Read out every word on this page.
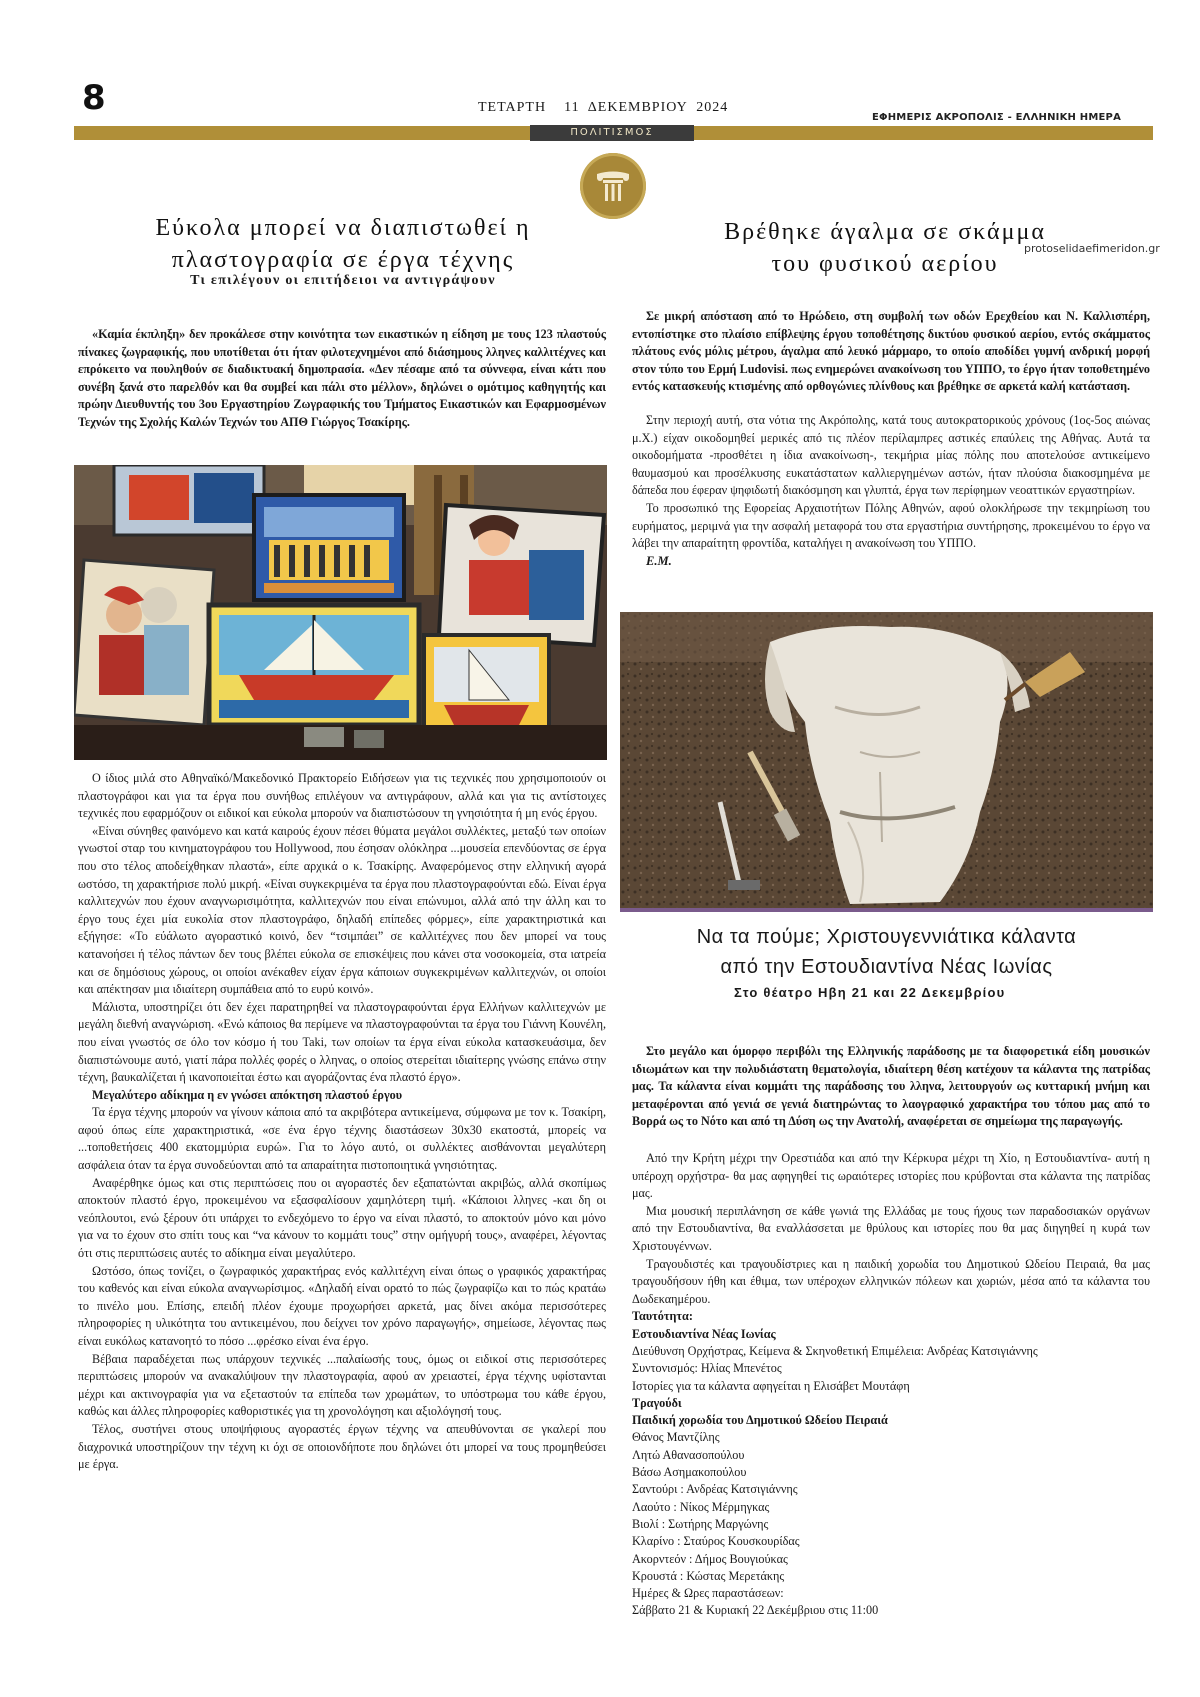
8	ΤΕΤΑΡΤΗ    11  ΔΕΚΕΜΒΡΙΟΥ  2024
ΕΦΗΜΕΡΙΣ ΑΚΡΟΠΟΛΙΣ - ΕΛΛΗΝΙΚΗ ΗΜΕΡΑ
ΠΟΛΙΤΙΣΜΟΣ
protoselidaefimeridon.gr
Εύκολα μπορεί να διαπιστωθεί η
πλαστογραφία σε έργα τέχνης
Τι επιλέγουν οι επιτήδειοι να αντιγράψουν

«Καμία έκπληξη» δεν προκάλεσε στην κοινότητα των εικαστικών η είδηση με τους 123 πλαστούς πίνακες ζωγραφικής, που υποτίθεται ότι ήταν φιλοτεχνημένοι από διάσημους λληνες καλλιτέχνες και επρόκειτο να πουληθούν σε διαδικτυακή δημοπρασία. «Δεν πέσαμε από τα σύννεφα, είναι κάτι που συνέβη ξανά στο παρελθόν και θα συμβεί και πάλι στο μέλλον», δηλώνει ο ομότιμος καθηγητής και πρώην Διευθυντής του 3ου Εργαστηρίου Ζωγραφικής του Τμήματος Εικαστικών και Εφαρμοσμένων Τεχνών της Σχολής Καλών Τεχνών του ΑΠΘ Γιώργος Τσακίρης.

Ο ίδιος μιλά στο Αθηναϊκό/Μακεδονικό Πρακτορείο Ειδήσεων για τις τεχνικές που χρησιμοποιούν οι πλαστογράφοι και για τα έργα που συνήθως επιλέγουν να αντιγράφουν, αλλά και για τις αντίστοιχες τεχνικές που εφαρμόζουν οι ειδικοί και εύκολα μπορούν να διαπιστώσουν τη γνησιότητα ή μη ενός έργου.

«Είναι σύνηθες φαινόμενο και κατά καιρούς έχουν πέσει θύματα μεγάλοι συλλέκτες, μεταξύ των οποίων γνωστοί σταρ του κινηματογράφου του Hollywood, που έσησαν ολόκληρα ...μουσεία επενδύοντας σε έργα που στο τέλος αποδείχθηκαν πλαστά», είπε αρχικά ο κ. Τσακίρης. Αναφερόμενος στην ελληνική αγορά ωστόσο, τη χαρακτήρισε πολύ μικρή. «Είναι συγκεκριμένα τα έργα που πλαστογραφούνται εδώ. Είναι έργα καλλιτεχνών που έχουν αναγνωρισιμότητα, καλλιτεχνών που είναι επώνυμοι, αλλά από την άλλη και το έργο τους έχει μία ευκολία στον πλαστογράφο, δηλαδή επίπεδες φόρμες», είπε χαρακτηριστικά και εξήγησε: «Το εύάλωτο αγοραστικό κοινό, δεν “τσιμπάει” σε καλλιτέχνες που δεν μπορεί να τους κατανοήσει ή τέλος πάντων δεν τους βλέπει εύκολα σε επισκέψεις που κάνει στα νοσοκομεία, στα ιατρεία και σε δημόσιους χώρους, οι οποίοι ανέκαθεν είχαν έργα κάποιων συγκεκριμένων καλλιτεχνών, οι οποίοι και απέκτησαν μια ιδιαίτερη συμπάθεια από το ευρύ κοινό».

Μάλιστα, υποστηρίζει ότι δεν έχει παρατηρηθεί να πλαστογραφούνται έργα Ελλήνων καλλιτεχνών με μεγάλη διεθνή αναγνώριση. «Ενώ κάποιος θα περίμενε να πλαστογραφούνται τα έργα του Γιάννη Κουνέλη, που είναι γνωστός σε όλο τον κόσμο ή του Taki, των οποίων τα έργα είναι εύκολα κατασκευάσιμα, δεν διαπιστώνουμε αυτό, γιατί πάρα πολλές φορές ο λληνας, ο οποίος στερείται ιδιαίτερης γνώσης επάνω στην τέχνη, βαυκαλίζεται ή ικανοποιείται έστω και αγοράζοντας ένα πλαστό έργο».

Μεγαλύτερο αδίκημα η εν γνώσει απόκτηση πλαστού έργου

Τα έργα τέχνης μπορούν να γίνουν κάποια από τα ακριβότερα αντικείμενα, σύμφωνα με τον κ. Τσακίρη, αφού όπως είπε χαρακτηριστικά, «σε ένα έργο τέχνης διαστάσεων 30x30 εκατοστά, μπορείς να ...τοποθετήσεις 400 εκατομμύρια ευρώ». Για το λόγο αυτό, οι συλλέκτες αισθάνονται μεγαλύτερη ασφάλεια όταν τα έργα συνοδεύονται από τα απαραίτητα πιστοποιητικά γνησιότητας.

Αναφέρθηκε όμως και στις περιπτώσεις που οι αγοραστές δεν εξαπατώνται ακριβώς, αλλά σκοπίμως αποκτούν πλαστό έργο, προκειμένου να εξασφαλίσουν χαμηλότερη τιμή. «Κάποιοι λληνες -και δη οι νεόπλουτοι, ενώ ξέρουν ότι υπάρχει το ενδεχόμενο το έργο να είναι πλαστό, το αποκτούν μόνο και μόνο για να το έχουν στο σπίτι τους και “να κάνουν το κομμάτι τους” στην ομήγυρή τους», αναφέρει, λέγοντας ότι στις περιπτώσεις αυτές το αδίκημα είναι μεγαλύτερο.

Ωστόσο, όπως τονίζει, ο ζωγραφικός χαρακτήρας ενός καλλιτέχνη είναι όπως ο γραφικός χαρακτήρας του καθενός και είναι εύκολα αναγνωρίσιμος. «Δηλαδή είναι ορατό το πώς ζωγραφίζω και το πώς κρατάω το πινέλο μου. Επίσης, επειδή πλέον έχουμε προχωρήσει αρκετά, μας δίνει ακόμα περισσότερες πληροφορίες η υλικότητα του αντικειμένου, που δείχνει τον χρόνο παραγωγής», σημείωσε, λέγοντας πως είναι ευκόλως κατανοητό το πόσο ...φρέσκο είναι ένα έργο.

Βέβαια παραδέχεται πως υπάρχουν τεχνικές ...παλαίωσής τους, όμως οι ειδικοί στις περισσότερες περιπτώσεις μπορούν να ανακαλύψουν την πλαστογραφία, αφού αν χρειαστεί, έργα τέχνης υφίστανται μέχρι και ακτινογραφία για να εξεταστούν τα επίπεδα των χρωμάτων, το υπόστρωμα του κάθε έργου, καθώς και άλλες πληροφορίες καθοριστικές για τη χρονολόγηση και αξιολόγησή τους.

Τέλος, συστήνει στους υποψήφιους αγοραστές έργων τέχνης να απευθύνονται σε γκαλερί που διαχρονικά υποστηρίζουν την τέχνη κι όχι σε οποιονδήποτε που δηλώνει ότι μπορεί να τους προμηθεύσει με έργα.

Βρέθηκε άγαλμα σε σκάμμα
του φυσικού αερίου

Σε μικρή απόσταση από το Ηρώδειο, στη συμβολή των οδών Ερεχθείου και Ν. Καλλισπέρη, εντοπίστηκε στο πλαίσιο επίβλεψης έργου τοποθέτησης δικτύου φυσικού αερίου, εντός σκάμματος πλάτους ενός μόλις μέτρου, άγαλμα από λευκό μάρμαρο, το οποίο αποδίδει γυμνή ανδρική μορφή στον τύπο του Ερμή Ludovisi. πως ενημερώνει ανακοίνωση του ΥΠΠΟ, το έργο ήταν τοποθετημένο εντός κατασκευής κτισμένης από ορθογώνιες πλίνθους και βρέθηκε σε αρκετά καλή κατάσταση.

Στην περιοχή αυτή, στα νότια της Ακρόπολης, κατά τους αυτοκρατορικούς χρόνους (1ος-5ος αιώνας μ.Χ.) είχαν οικοδομηθεί μερικές από τις πλέον περίλαμπρες αστικές επαύλεις της Αθήνας. Αυτά τα οικοδομήματα -προσθέτει η ίδια ανακοίνωση-, τεκμήρια μίας πόλης που αποτελούσε αντικείμενο θαυμασμού και προσέλκυσης ευκατάστατων καλλιεργημένων αστών, ήταν πλούσια διακοσμημένα με δάπεδα που έφεραν ψηφιδωτή διακόσμηση και γλυπτά, έργα των περίφημων νεοαττικών εργαστηρίων.

Το προσωπικό της Εφορείας Αρχαιοτήτων Πόλης Αθηνών, αφού ολοκλήρωσε την τεκμηρίωση του ευρήματος, μεριμνά για την ασφαλή μεταφορά του στα εργαστήρια συντήρησης, προκειμένου το έργο να λάβει την απαραίτητη φροντίδα, καταλήγει η ανακοίνωση του ΥΠΠΟ.

Ε.Μ.

Να τα πούμε; Χριστουγεννιάτικα κάλαντα
από την Εστουδιαντίνα Νέας Ιωνίας
Στο θέατρο Ηβη 21 και 22 Δεκεμβρίου

Στο μεγάλο και όμορφο περιβόλι της Ελληνικής παράδοσης με τα διαφορετικά είδη μουσικών ιδιωμάτων και την πολυδιάστατη θεματολογία, ιδιαίτερη θέση κατέχουν τα κάλαντα της πατρίδας μας. Τα κάλαντα είναι κομμάτι της παράδοσης του λληνα, λειτουργούν ως κυτταρική μνήμη και μεταφέρονται από γενιά σε γενιά διατηρώντας το λαογραφικό χαρακτήρα του τόπου μας από το Βορρά ως το Νότο και από τη Δύση ως την Ανατολή, αναφέρεται σε σημείωμα της παραγωγής.

Από την Κρήτη μέχρι την Ορεστιάδα και από την Κέρκυρα μέχρι τη Χίο, η Εστουδιαντίνα- αυτή η υπέροχη ορχήστρα- θα μας αφηγηθεί τις ωραιότερες ιστορίες που κρύβονται στα κάλαντα της πατρίδας μας.

Μια μουσική περιπλάνηση σε κάθε γωνιά της Ελλάδας με τους ήχους των παραδοσιακών οργάνων από την Εστουδιαντίνα, θα εναλλάσσεται με θρύλους και ιστορίες που θα μας διηγηθεί η κυρά των Χριστουγέννων.

Τραγουδιστές και τραγουδίστριες και η παιδική χορωδία του Δημοτικού Ωδείου Πειραιά, θα μας τραγουδήσουν ήθη και έθιμα, των υπέροχων ελληνικών πόλεων και χωριών, μέσα από τα κάλαντα του Δωδεκαημέρου.

Ταυτότητα:
Εστουδιαντίνα Νέας Ιωνίας
Διεύθυνση Ορχήστρας, Κείμενα & Σκηνοθετική Επιμέλεια: Ανδρέας Κατσιγιάννης
Συντονισμός: Ηλίας Μπενέτος
Ιστορίες για τα κάλαντα αφηγείται η Ελισάβετ Μουτάφη
Τραγούδι
Παιδική χορωδία του Δημοτικού Ωδείου Πειραιά
Θάνος Μαντζίλης
Λητώ Αθανασοπούλου
Βάσω Ασημακοπούλου
Σαντούρι : Ανδρέας Κατσιγιάννης
Λαούτο : Νίκος Μέρμηγκας
Βιολί : Σωτήρης Μαργώνης
Κλαρίνο : Σταύρος Κουσκουρίδας
Ακορντεόν : Δήμος Βουγιούκας
Κρουστά : Κώστας Μερετάκης
Ημέρες & Ωρες παραστάσεων:
Σάββατο 21 & Κυριακή 22 Δεκέμβριου στις 11:00
